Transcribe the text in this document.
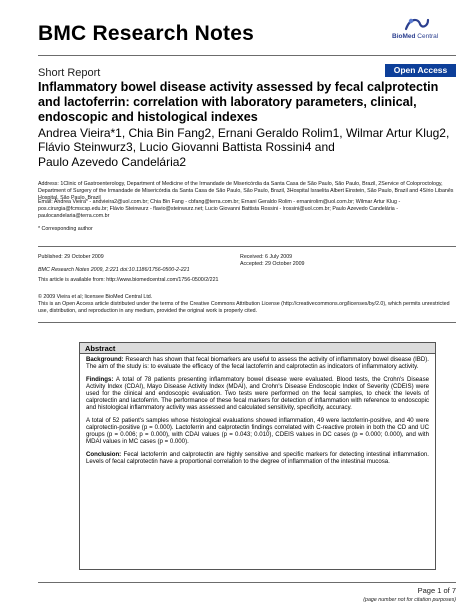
BMC Research Notes	BioMed Central
Short Report	Open Access
Inflammatory bowel disease activity assessed by fecal calprotectin and lactoferrin: correlation with laboratory parameters, clinical, endoscopic and histological indexes
Andrea Vieira*1, Chia Bin Fang2, Ernani Geraldo Rolim1, Wilmar Artur Klug2,
Flávio Steinwurz3, Lucio Giovanni Battista Rossini4 and
Paulo Azevedo Candelária2
Address: 1Clinic of Gastroenterology, Department of Medicine of the Irmandade de Misericórdia da Santa Casa de São Paulo, São Paulo, Brazil, 2Service of Coloproctology, Department of Surgery of the Irmandade de Misericórdia da Santa Casa de São Paulo, São Paulo, Brazil, 3Hospital Israelita Albert Einstein, São Paulo, Brazil and 4Sírio Libanês Hospital, São Paulo, Brazil
Email: Andrea Vieira* - andvieira2@uol.com.br; Chia Bin Fang - cbfang@terra.com.br; Ernani Geraldo Rolim - ernanirolim@uol.com.br; Wilmar Artur Klug - pos.cirurgia@fcmscsp.edu.br; Flávio Steinwurz - flavio@steinwurz.net; Lucio Giovanni Battista Rossini - lrossini@uol.com.br; Paulo Azevedo Candelária - paulocandelaria@terra.com.br
* Corresponding author
Published: 29 October 2009
BMC Research Notes 2009, 2:221 doi:10.1186/1756-0500-2-221
Received: 6 July 2009
Accepted: 29 October 2009
This article is available from: http://www.biomedcentral.com/1756-0500/2/221
© 2009 Vieira et al; licensee BioMed Central Ltd.
This is an Open Access article distributed under the terms of the Creative Commons Attribution License (http://creativecommons.org/licenses/by/2.0), which permits unrestricted use, distribution, and reproduction in any medium, provided the original work is properly cited.
Abstract

Background: Research has shown that fecal biomarkers are useful to assess the activity of inflammatory bowel disease (IBD). The aim of the study is: to evaluate the efficacy of the fecal lactoferrin and calprotectin as indicators of inflammatory activity.

Findings: A total of 78 patients presenting inflammatory bowel disease were evaluated. Blood tests, the Crohn's Disease Activity Index (CDAI), Mayo Disease Activity Index (MDAI), and Crohn's Disease Endoscopic Index of Severity (CDEIS) were used for the clinical and endoscopic evaluation. Two tests were performed on the fecal samples, to check the levels of calprotectin and lactoferrin. The performance of these fecal markers for detection of inflammation with reference to endoscopic and histological inflammatory activity was assessed and calculated sensitivity, specificity, accuracy.

A total of 52 patient's samples whose histological evaluations showed inflammation, 49 were lactoferrin-positive, and 40 were calprotectin-positive (p = 0.000). Lactoferrin and calprotectin findings correlated with C-reactive protein in both the CD and UC groups (p = 0.006; p = 0.000), with CDAI values (p = 0.043; 0.010), CDEIS values in DC cases (p = 0.000; 0.000), and with MDAI values in MC cases (p = 0.000).

Conclusion: Fecal lactoferrin and calprotectin are highly sensitive and specific markers for detecting intestinal inflammation. Levels of fecal calprotectin have a proportional correlation to the degree of inflammation of the intestinal mucosa.

Page 1 of 7
(page number not for citation purposes)
